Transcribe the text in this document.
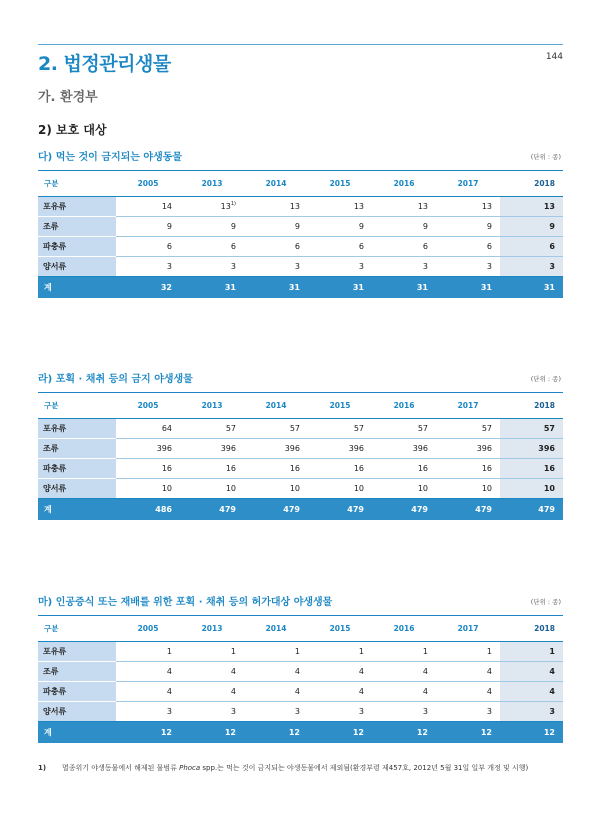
2. 법정관리생물	144
가. 환경부
2) 보호 대상
다) 먹는 것이 금지되는 야생동물	(단위 : 종)
구분	2005	2013	2014	2015	2016	2017	2018
포유류	14	13$^{1)}$	13	13	13	13	13
조류	9	9	9	9	9	9	9
파충류	6	6	6	6	6	6	6
양서류	3	3	3	3	3	3	3
계	32	31	31	31	31	31	31
라) 포획 · 채취 등의 금지 야생생물	(단위 : 종)
구분	2005	2013	2014	2015	2016	2017	2018
포유류	64	57	57	57	57	57	57
조류	396	396	396	396	396	396	396
파충류	16	16	16	16	16	16	16
양서류	10	10	10	10	10	10	10
계	486	479	479	479	479	479	479
마) 인공증식 또는 재배를 위한 포획 · 채취 등의 허가대상 야생생물	(단위 : 종)
구분	2005	2013	2014	2015	2016	2017	2018
포유류	1	1	1	1	1	1	1
조류	4	4	4	4	4	4	4
파충류	4	4	4	4	4	4	4
양서류	3	3	3	3	3	3	3
계	12	12	12	12	12	12	12
1)	멸종위기 야생동물에서 해제된 물범류 Phoca spp.는 먹는 것이 금지되는 야생동물에서 제외됨(환경부령 제457호, 2012년 5월 31일 일부 개정 및 시행)
